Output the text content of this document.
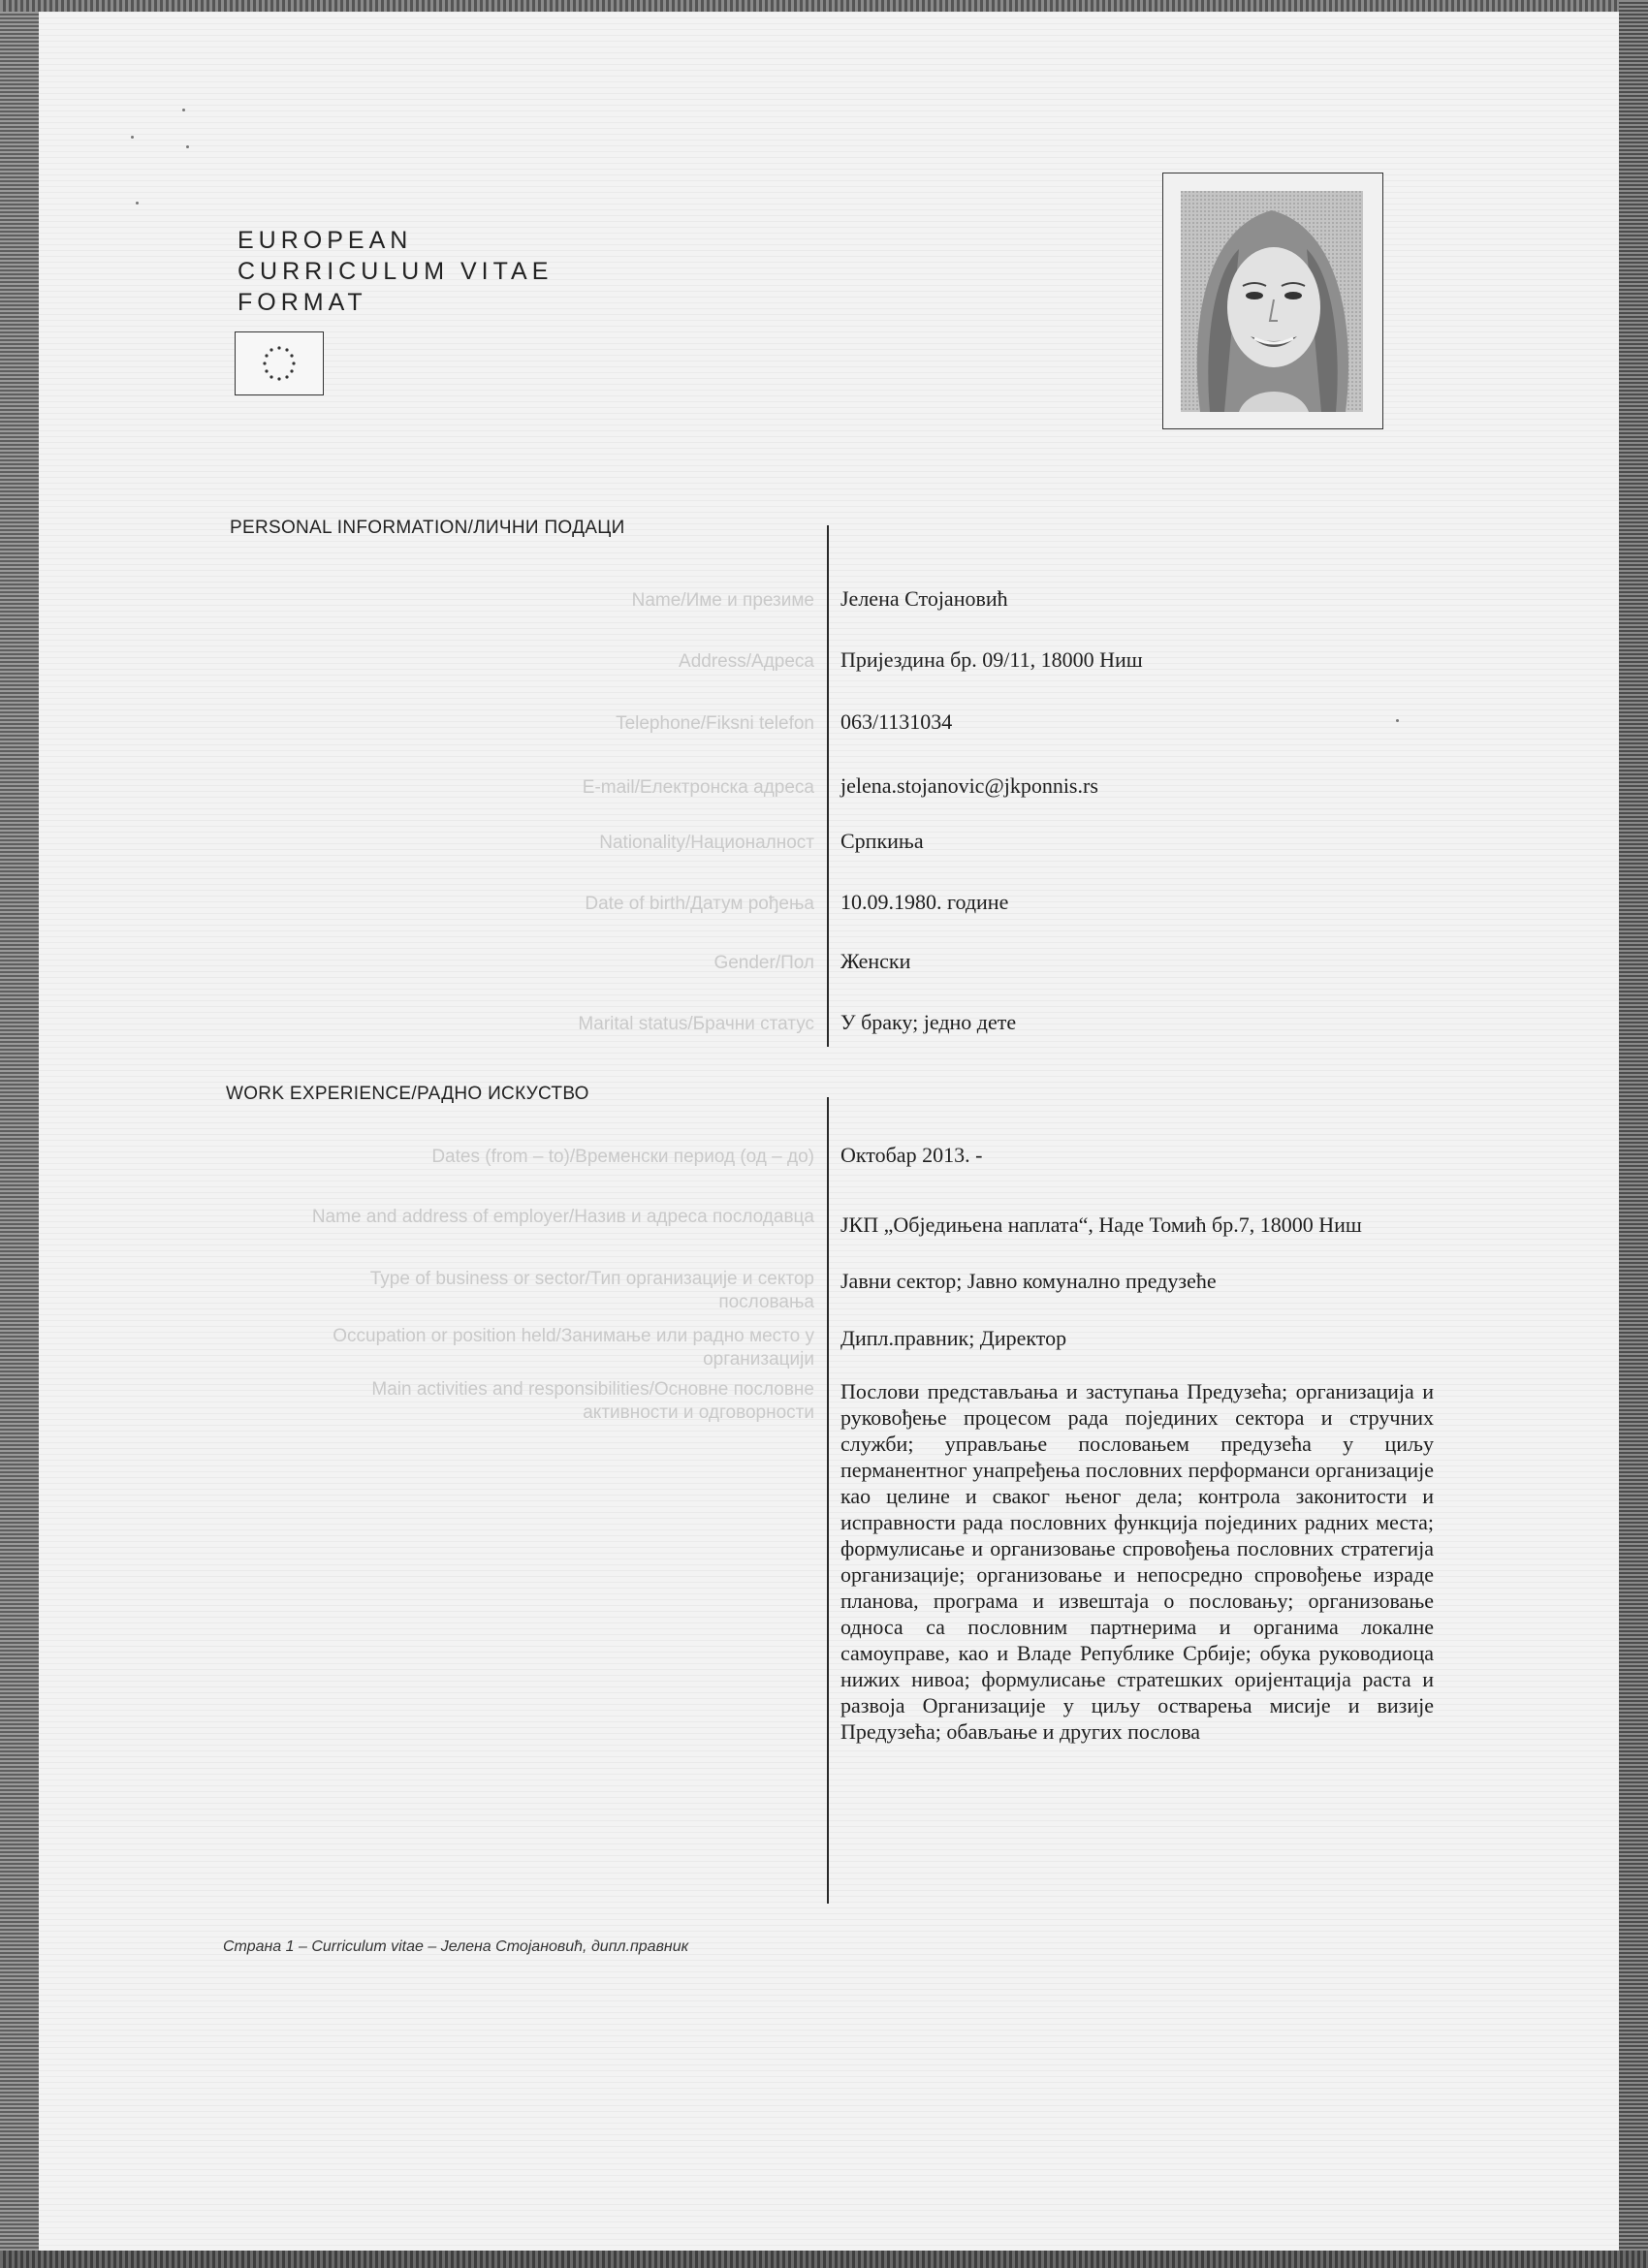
EUROPEAN
CURRICULUM VITAE
FORMAT
PERSONAL INFORMATION/ЛИЧНИ ПОДАЦИ
Name/Име и презиме Јелена Стојановић
Address/Адреса Пријездина бр. 09/11, 18000 Ниш
Telephone/Fiksni telefon 063/1131034
E-mail/Електронска адреса jelena.stojanovic@jkponnis.rs
Nationality/Националност Српкиња
Date of birth/Датум рођења 10.09.1980. године
Gender/Пол Женски
Marital status/Брачни статус У браку; једно дете
WORK EXPERIENCE/РАДНО ИСКУСТВО
Dates (from – to)/Временски период (од – до) Октобар 2013. -
Name and address of employer/Назив и адреса послодавца ЈКП „Обједињена наплата“, Наде Томић бр.7, 18000 Ниш
Type of business or sector/Тип организације и сектор пословања
Јавни сектор; Јавно комунално предузеће
Occupation or position held/Занимање или радно место у организацији
Дипл.правник; Директор
Main activities and responsibilities/Основне пословне активности и одговорности
Послови представљања и заступања Предузећа; организација и руковођење процесом рада појединих сектора и стручних служби; управљање пословањем предузећа у циљу перманентног унапређења пословних перформанси организације као целине и сваког њеног дела; контрола законитости и исправности рада пословних функција појединих радних места; формулисање и организовање спровођења пословних стратегија организације; организовање и непосредно спровођење израде планова, програма и извештаја о пословању; организовање односа са пословним партнерима и органима локалне самоуправе, као и Владе Републике Србије; обука руководиоца нижих нивоа; формулисање стратешких оријентација раста и развоја Организације у циљу остварења мисије и визије Предузећа; обављање и других послова
Страна 1 – Curriculum vitae – Јелена Стојановић, дипл.правник
